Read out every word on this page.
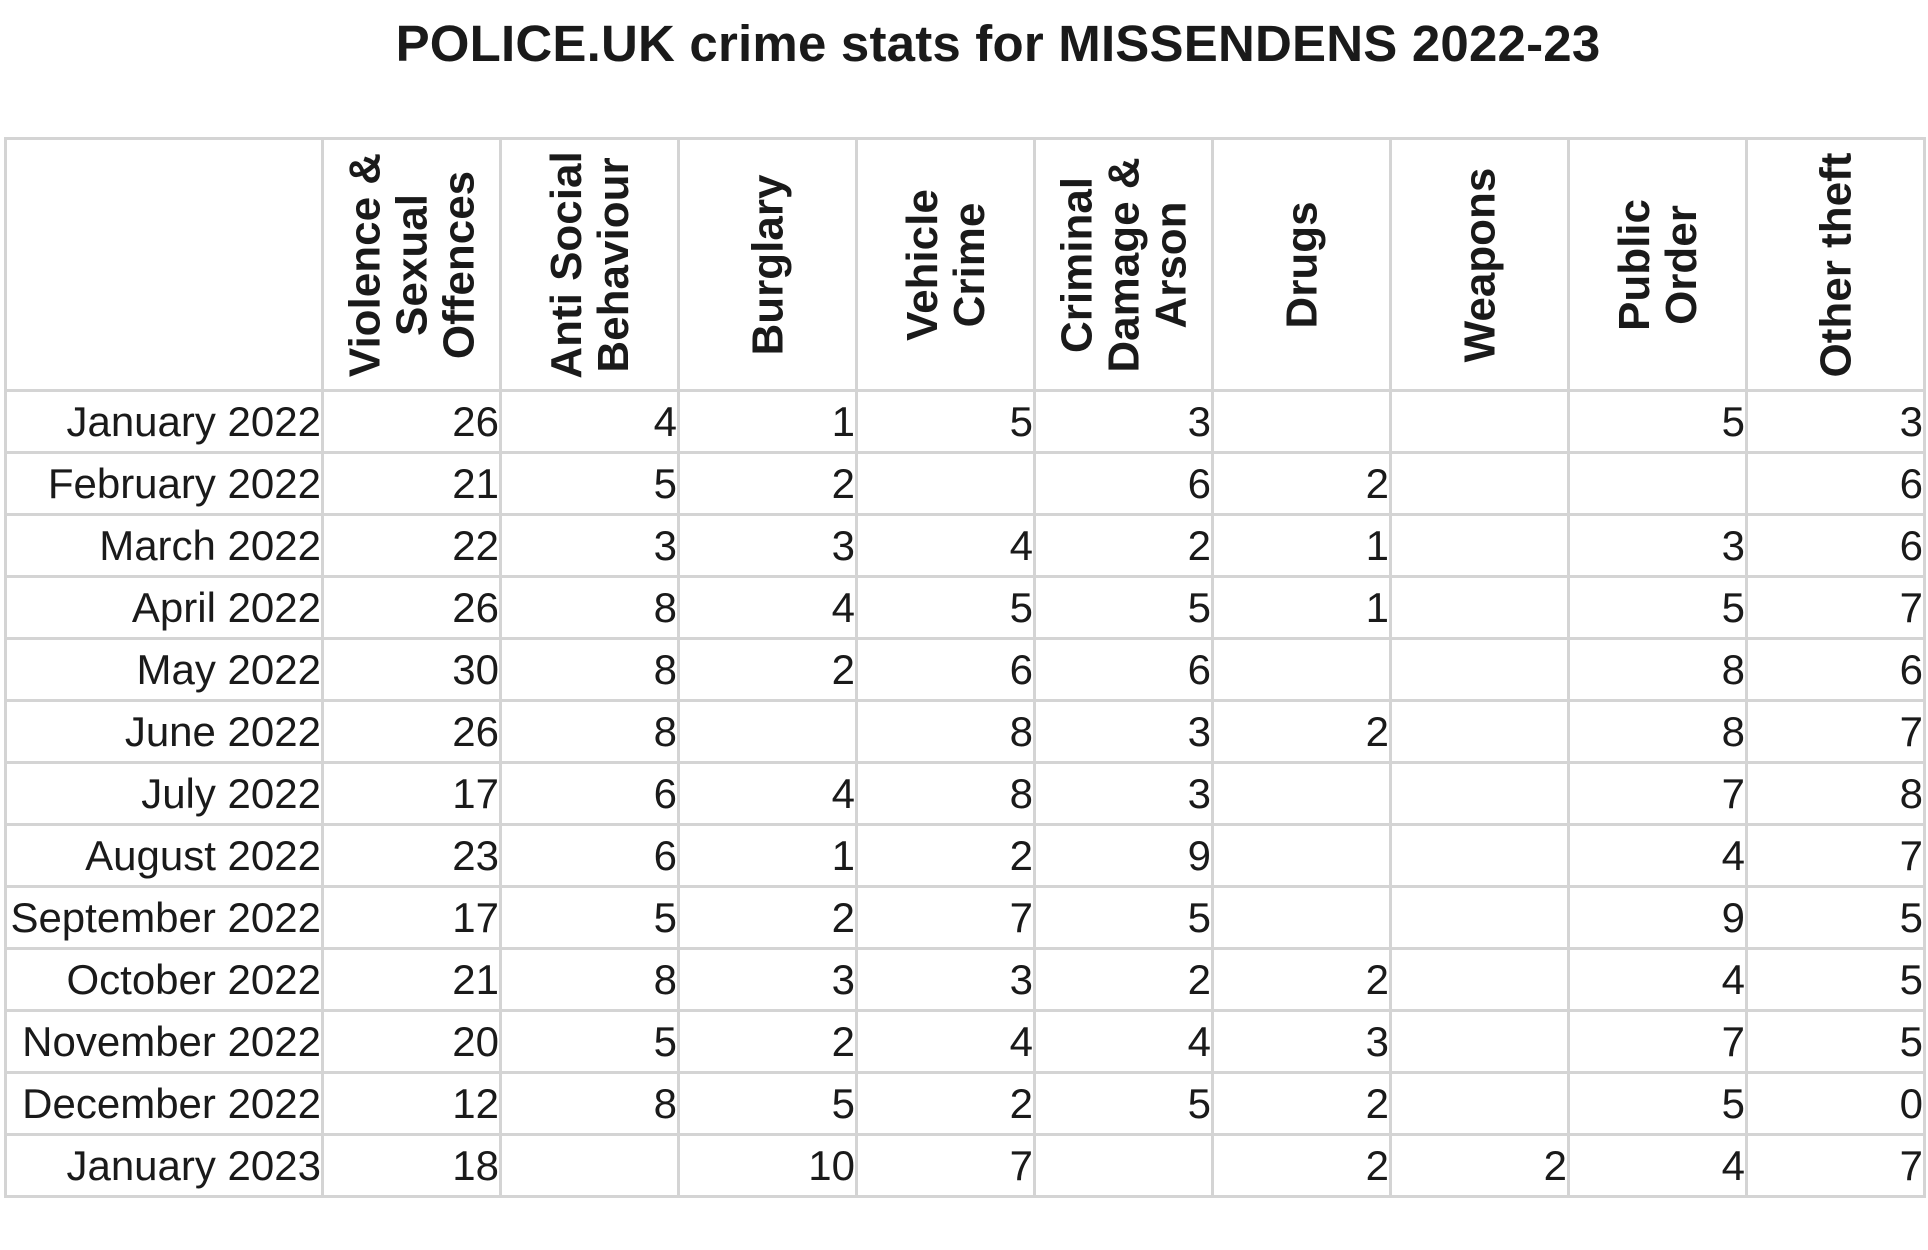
POLICE.UK crime stats for MISSENDENS 2022-23

	Violence & Sexual Offences	Anti Social Behaviour	Burglary	Vehicle Crime	Criminal Damage & Arson	Drugs	Weapons	Public Order	Other theft

January 2022	26	4	1	5	3			5	3
February 2022	21	5	2		6	2			6
March 2022	22	3	3	4	2	1		3	6
April 2022	26	8	4	5	5	1		5	7
May 2022	30	8	2	6	6			8	6
June 2022	26	8		8	3	2		8	7
July 2022	17	6	4	8	3			7	8
August 2022	23	6	1	2	9			4	7
September 2022	17	5	2	7	5			9	5
October 2022	21	8	3	3	2	2		4	5
November 2022	20	5	2	4	4	3		7	5
December 2022	12	8	5	2	5	2		5	0
January 2023	18		10	7		2	2	4	7
